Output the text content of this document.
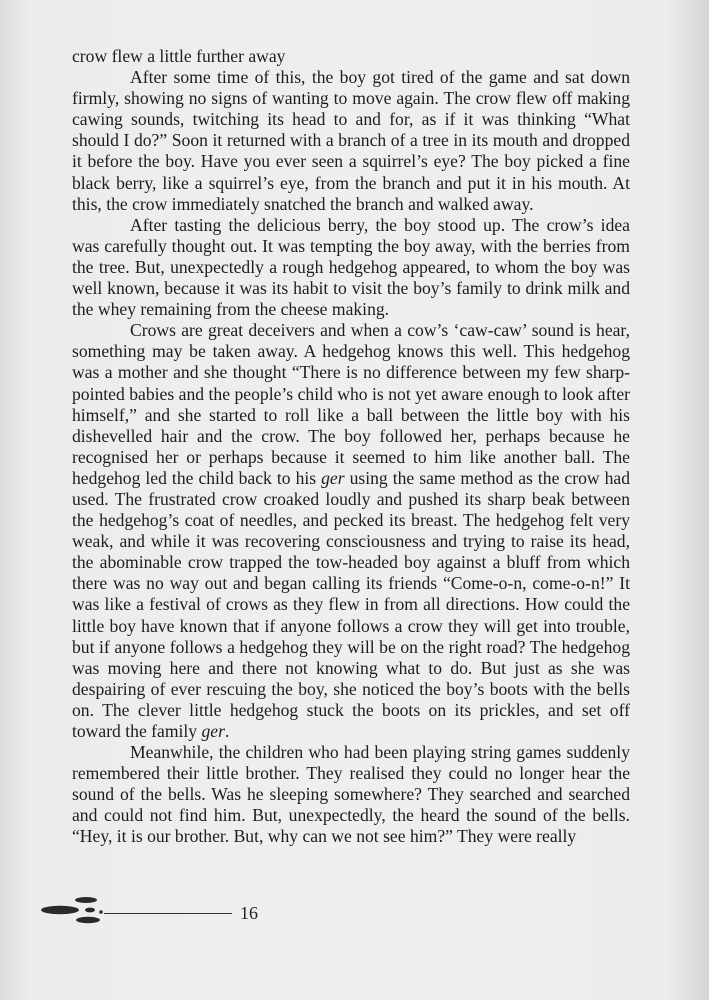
crow flew a little further away

After some time of this, the boy got tired of the game and sat down firmly, showing no signs of wanting to move again. The crow flew off making cawing sounds, twitching its head to and for, as if it was thinking “What should I do?” Soon it returned with a branch of a tree in its mouth and dropped it before the boy. Have you ever seen a squirrel’s eye? The boy picked a fine black berry, like a squirrel’s eye, from the branch and put it in his mouth. At this, the crow immediately snatched the branch and walked away.

After tasting the delicious berry, the boy stood up. The crow’s idea was carefully thought out. It was tempting the boy away, with the berries from the tree. But, unexpectedly a rough hedgehog appeared, to whom the boy was well known, because it was its habit to visit the boy’s family to drink milk and the whey remaining from the cheese making.

Crows are great deceivers and when a cow’s ‘caw-caw’ sound is hear, something may be taken away. A hedgehog knows this well. This hedgehog was a mother and she thought “There is no difference between my few sharp-pointed babies and the people’s child who is not yet aware enough to look after himself,” and she started to roll like a ball between the little boy with his dishevelled hair and the crow. The boy followed her, perhaps because he recognised her or perhaps because it seemed to him like another ball. The hedgehog led the child back to his ger using the same method as the crow had used. The frustrated crow croaked loudly and pushed its sharp beak between the hedgehog’s coat of needles, and pecked its breast. The hedgehog felt very weak, and while it was recovering consciousness and trying to raise its head, the abominable crow trapped the tow-headed boy against a bluff from which there was no way out and began calling its friends “Come-o-n, come-o-n!” It was like a festival of crows as they flew in from all directions. How could the little boy have known that if anyone follows a crow they will get into trouble, but if anyone follows a hedgehog they will be on the right road? The hedgehog was moving here and there not knowing what to do. But just as she was despairing of ever rescuing the boy, she noticed the boy’s boots with the bells on. The clever little hedgehog stuck the boots on its prickles, and set off toward the family ger.

Meanwhile, the children who had been playing string games suddenly remembered their little brother. They realised they could no longer hear the sound of the bells. Was he sleeping somewhere? They searched and searched and could not find him. But, unexpectedly, the heard the sound of the bells. “Hey, it is our brother. But, why can we not see him?” They were really

16
